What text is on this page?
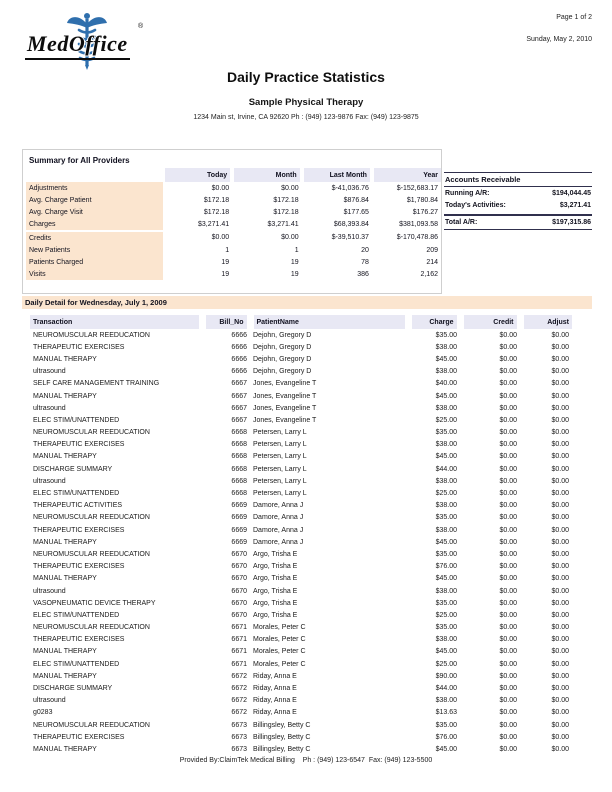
MedOffice
®
Page 1 of 2
Sunday, May 2, 2010
Daily Practice Statistics
Sample Physical Therapy
1234 Main st, Irvine, CA 92620 Ph : (949) 123-9876 Fax: (949) 123-9875
Summary for All Providers
	Today	Month	Last Month	Year
Adjustments	$0.00	$0.00	$-41,036.76	$-152,683.17
Avg. Charge Patient	$172.18	$172.18	$876.84	$1,780.84
Avg. Charge Visit	$172.18	$172.18	$177.65	$176.27
Charges	$3,271.41	$3,271.41	$68,393.84	$381,093.58
Credits	$0.00	$0.00	$-39,510.37	$-170,478.86
New Patients	1	1	20	209
Patients Charged	19	19	78	214
Visits	19	19	386	2,162
Accounts Receivable
Running A/R:	$194,044.45
Today's Activities:	$3,271.41
Total A/R:	$197,315.86
Daily Detail for Wednesday, July 1, 2009
Transaction	Bill_No	PatientName	Charge	Credit	Adjust
NEUROMUSCULAR REEDUCATION	6666	Dejohn, Gregory D	$35.00	$0.00	$0.00
THERAPEUTIC EXERCISES	6666	Dejohn, Gregory D	$38.00	$0.00	$0.00
MANUAL THERAPY	6666	Dejohn, Gregory D	$45.00	$0.00	$0.00
ultrasound	6666	Dejohn, Gregory D	$38.00	$0.00	$0.00
SELF CARE MANAGEMENT TRAINING	6667	Jones, Evangeline T	$40.00	$0.00	$0.00
MANUAL THERAPY	6667	Jones, Evangeline T	$45.00	$0.00	$0.00
ultrasound	6667	Jones, Evangeline T	$38.00	$0.00	$0.00
ELEC STIM/UNATTENDED	6667	Jones, Evangeline T	$25.00	$0.00	$0.00
NEUROMUSCULAR REEDUCATION	6668	Petersen, Larry L	$35.00	$0.00	$0.00
THERAPEUTIC EXERCISES	6668	Petersen, Larry L	$38.00	$0.00	$0.00
MANUAL THERAPY	6668	Petersen, Larry L	$45.00	$0.00	$0.00
DISCHARGE SUMMARY	6668	Petersen, Larry L	$44.00	$0.00	$0.00
ultrasound	6668	Petersen, Larry L	$38.00	$0.00	$0.00
ELEC STIM/UNATTENDED	6668	Petersen, Larry L	$25.00	$0.00	$0.00
THERAPEUTIC ACTIVITIES	6669	Damore, Anna J	$38.00	$0.00	$0.00
NEUROMUSCULAR REEDUCATION	6669	Damore, Anna J	$35.00	$0.00	$0.00
THERAPEUTIC EXERCISES	6669	Damore, Anna J	$38.00	$0.00	$0.00
MANUAL THERAPY	6669	Damore, Anna J	$45.00	$0.00	$0.00
NEUROMUSCULAR REEDUCATION	6670	Argo, Trisha E	$35.00	$0.00	$0.00
THERAPEUTIC EXERCISES	6670	Argo, Trisha E	$76.00	$0.00	$0.00
MANUAL THERAPY	6670	Argo, Trisha E	$45.00	$0.00	$0.00
ultrasound	6670	Argo, Trisha E	$38.00	$0.00	$0.00
VASOPNEUMATIC DEVICE THERAPY	6670	Argo, Trisha E	$35.00	$0.00	$0.00
ELEC STIM/UNATTENDED	6670	Argo, Trisha E	$25.00	$0.00	$0.00
NEUROMUSCULAR REEDUCATION	6671	Morales, Peter C	$35.00	$0.00	$0.00
THERAPEUTIC EXERCISES	6671	Morales, Peter C	$38.00	$0.00	$0.00
MANUAL THERAPY	6671	Morales, Peter C	$45.00	$0.00	$0.00
ELEC STIM/UNATTENDED	6671	Morales, Peter C	$25.00	$0.00	$0.00
MANUAL THERAPY	6672	Riday, Anna E	$90.00	$0.00	$0.00
DISCHARGE SUMMARY	6672	Riday, Anna E	$44.00	$0.00	$0.00
ultrasound	6672	Riday, Anna E	$38.00	$0.00	$0.00
g0283	6672	Riday, Anna E	$13.63	$0.00	$0.00
NEUROMUSCULAR REEDUCATION	6673	Billingsley, Betty C	$35.00	$0.00	$0.00
THERAPEUTIC EXERCISES	6673	Billingsley, Betty C	$76.00	$0.00	$0.00
MANUAL THERAPY	6673	Billingsley, Betty C	$45.00	$0.00	$0.00
Provided By:ClaimTek Medical Billing    Ph : (949) 123-6547  Fax: (949) 123-5500
